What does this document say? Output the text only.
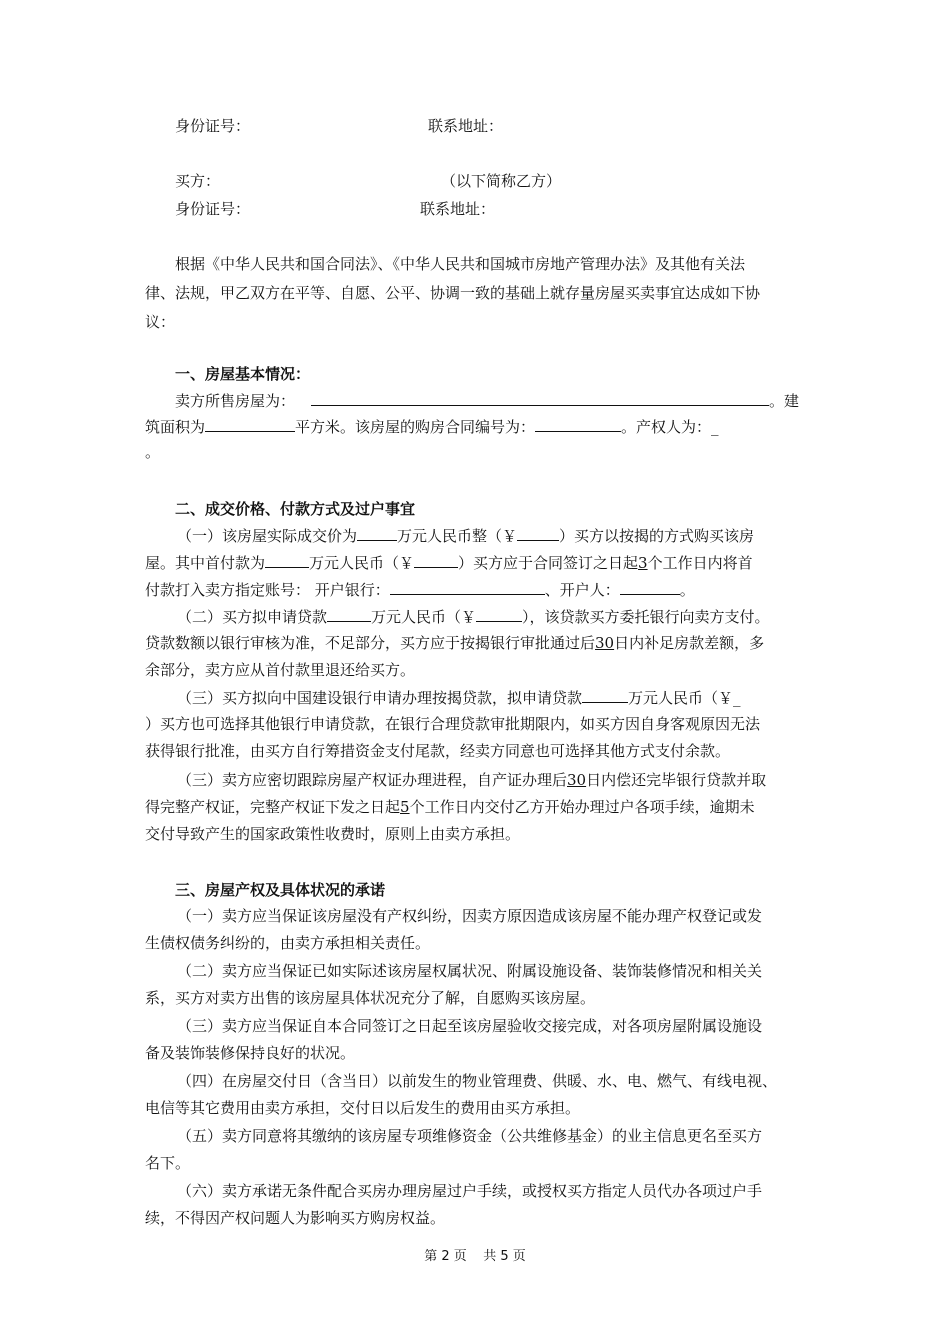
身份证号：	联系地址：
买方：	（以下简称乙方）
身份证号：	联系地址：
根据《中华人民共和国合同法》、《中华人民共和国城市房地产管理办法》及其他有关法
律、法规，甲乙双方在平等、自愿、公平、协调一致的基础上就存量房屋买卖事宜达成如下协
议：
一、房屋基本情况：
卖方所售房屋为：	。建
筑面积为	平方米。该房屋的购房合同编号为：	。产权人为：_
。
二、成交价格、付款方式及过户事宜
（一）该房屋实际成交价为	万元人民币整（￥	）买方以按揭的方式购买该房
屋。其中首付款为	万元人民币（￥	）买方应于合同签订之日起3个工作日内将首
付款打入卖方指定账号： 开户银行：	、开户人：	。
（二）买方拟申请贷款	万元人民币（￥	），该贷款买方委托银行向卖方支付。
贷款数额以银行审核为准，不足部分，买方应于按揭银行审批通过后30日内补足房款差额，多
余部分，卖方应从首付款里退还给买方。
（三）买方拟向中国建设银行申请办理按揭贷款，拟申请贷款	万元人民币（￥_
）买方也可选择其他银行申请贷款，在银行合理贷款审批期限内，如买方因自身客观原因无法
获得银行批准，由买方自行筹措资金支付尾款，经卖方同意也可选择其他方式支付余款。
（三）卖方应密切跟踪房屋产权证办理进程，自产证办理后30日内偿还完毕银行贷款并取
得完整产权证，完整产权证下发之日起5个工作日内交付乙方开始办理过户各项手续，逾期未
交付导致产生的国家政策性收费时，原则上由卖方承担。
三、房屋产权及具体状况的承诺
（一）卖方应当保证该房屋没有产权纠纷，因卖方原因造成该房屋不能办理产权登记或发
生债权债务纠纷的，由卖方承担相关责任。
（二）卖方应当保证已如实际述该房屋权属状况、附属设施设备、装饰装修情况和相关关
系，买方对卖方出售的该房屋具体状况充分了解，自愿购买该房屋。
（三）卖方应当保证自本合同签订之日起至该房屋验收交接完成，对各项房屋附属设施设
备及装饰装修保持良好的状况。
（四）在房屋交付日（含当日）以前发生的物业管理费、供暖、水、电、燃气、有线电视、
电信等其它费用由卖方承担，交付日以后发生的费用由买方承担。
（五）卖方同意将其缴纳的该房屋专项维修资金（公共维修基金）的业主信息更名至买方
名下。
（六）卖方承诺无条件配合买房办理房屋过户手续，或授权买方指定人员代办各项过户手
续，不得因产权问题人为影响买方购房权益。
第 2 页 共 5 页
